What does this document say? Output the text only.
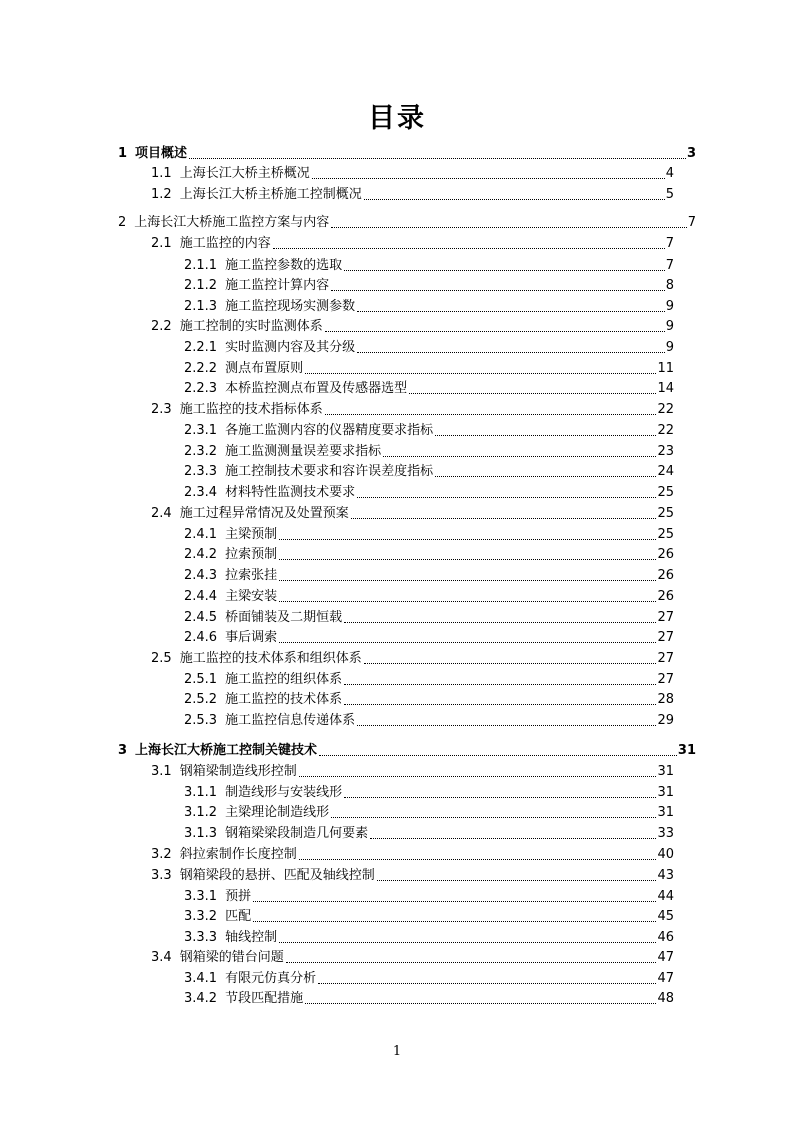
目录
1 项目概述	3
1.1 上海长江大桥主桥概况	4
1.2 上海长江大桥主桥施工控制概况	5
2 上海长江大桥施工监控方案与内容	7
2.1 施工监控的内容	7
2.1.1 施工监控参数的选取	7
2.1.2 施工监控计算内容	8
2.1.3 施工监控现场实测参数	9
2.2 施工控制的实时监测体系	9
2.2.1 实时监测内容及其分级	9
2.2.2 测点布置原则	11
2.2.3 本桥监控测点布置及传感器选型	14
2.3 施工监控的技术指标体系	22
2.3.1 各施工监测内容的仪器精度要求指标	22
2.3.2 施工监测测量误差要求指标	23
2.3.3 施工控制技术要求和容许误差度指标	24
2.3.4 材料特性监测技术要求	25
2.4 施工过程异常情况及处置预案	25
2.4.1 主梁预制	25
2.4.2 拉索预制	26
2.4.3 拉索张挂	26
2.4.4 主梁安装	26
2.4.5 桥面铺装及二期恒载	27
2.4.6 事后调索	27
2.5 施工监控的技术体系和组织体系	27
2.5.1 施工监控的组织体系	27
2.5.2 施工监控的技术体系	28
2.5.3 施工监控信息传递体系	29
3 上海长江大桥施工控制关键技术	31
3.1 钢箱梁制造线形控制	31
3.1.1 制造线形与安装线形	31
3.1.2 主梁理论制造线形	31
3.1.3 钢箱梁梁段制造几何要素	33
3.2 斜拉索制作长度控制	40
3.3 钢箱梁段的悬拼、匹配及轴线控制	43
3.3.1 预拼	44
3.3.2 匹配	45
3.3.3 轴线控制	46
3.4 钢箱梁的错台问题	47
3.4.1 有限元仿真分析	47
3.4.2 节段匹配措施	48
1
